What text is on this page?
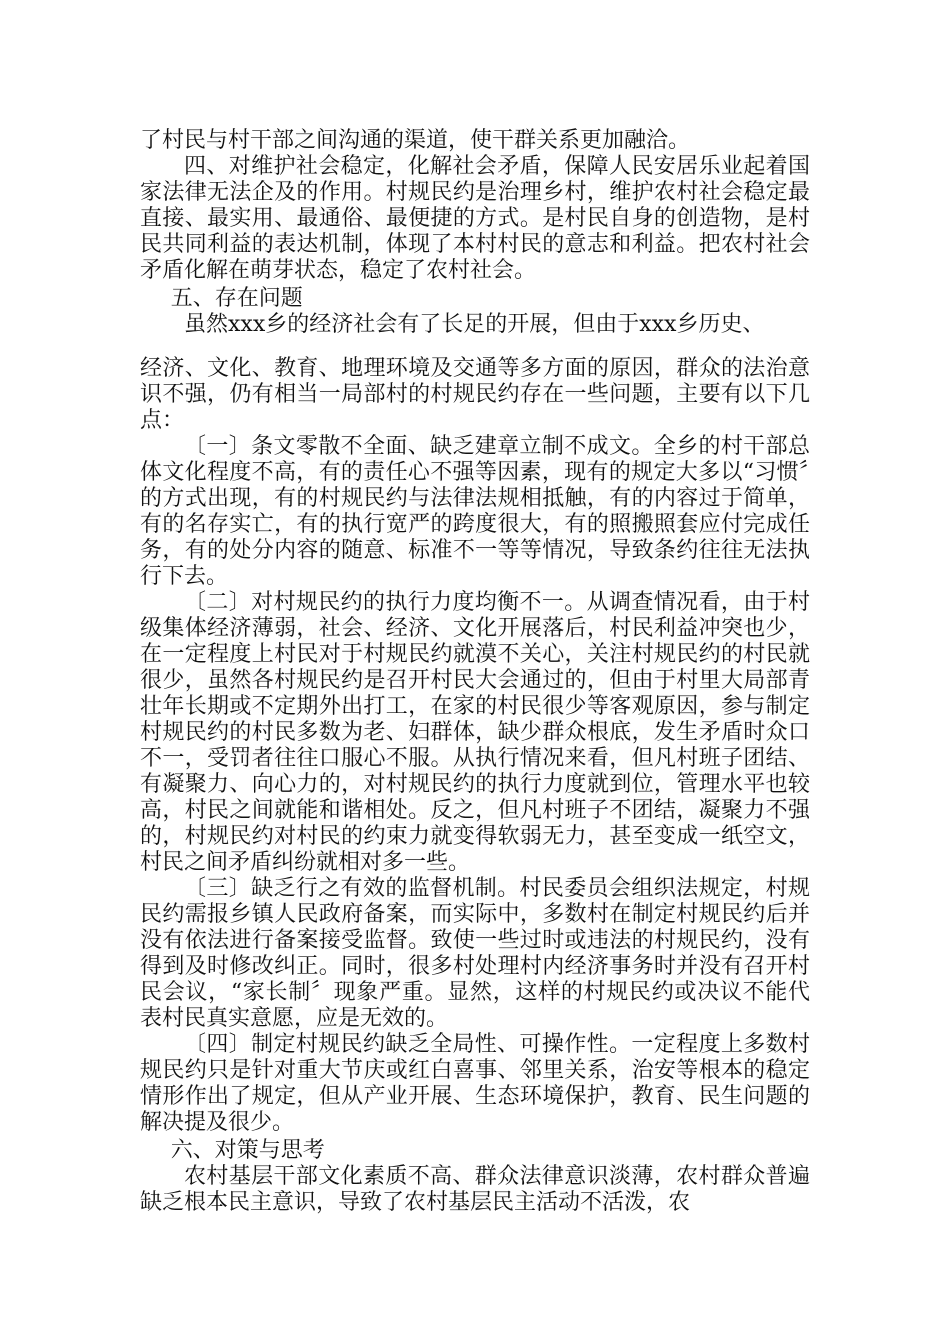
了村民与村干部之间沟通的渠道，使干群关系更加融洽。

四、对维护社会稳定，化解社会矛盾，保障人民安居乐业起着国家法律无法企及的作用。村规民约是治理乡村，维护农村社会稳定最直接、最实用、最通俗、最便捷的方式。是村民自身的创造物，是村民共同利益的表达机制，体现了本村村民的意志和利益。把农村社会矛盾化解在萌芽状态，稳定了农村社会。

五、存在问题

虽然xxx乡的经济社会有了长足的开展，但由于xxx乡历史、

经济、文化、教育、地理环境及交通等多方面的原因，群众的法治意识不强，仍有相当一局部村的村规民约存在一些问题，主要有以下几点：

〔一〕条文零散不全面、缺乏建章立制不成文。全乡的村干部总体文化程度不高，有的责任心不强等因素，现有的规定大多以“习惯〞的方式出现，有的村规民约与法律法规相抵触，有的内容过于简单，有的名存实亡，有的执行宽严的跨度很大，有的照搬照套应付完成任务，有的处分内容的随意、标准不一等等情况，导致条约往往无法执行下去。

〔二〕对村规民约的执行力度均衡不一。从调查情况看，由于村级集体经济薄弱，社会、经济、文化开展落后，村民利益冲突也少，在一定程度上村民对于村规民约就漠不关心，关注村规民约的村民就很少，虽然各村规民约是召开村民大会通过的，但由于村里大局部青壮年长期或不定期外出打工，在家的村民很少等客观原因，参与制定村规民约的村民多数为老、妇群体，缺少群众根底，发生矛盾时众口不一，受罚者往往口服心不服。从执行情况来看，但凡村班子团结、有凝聚力、向心力的，对村规民约的执行力度就到位，管理水平也较高，村民之间就能和谐相处。反之，但凡村班子不团结，凝聚力不强的，村规民约对村民的约束力就变得软弱无力，甚至变成一纸空文，村民之间矛盾纠纷就相对多一些。

〔三〕缺乏行之有效的监督机制。村民委员会组织法规定，村规民约需报乡镇人民政府备案，而实际中，多数村在制定村规民约后并没有依法进行备案接受监督。致使一些过时或违法的村规民约，没有得到及时修改纠正。同时，很多村处理村内经济事务时并没有召开村民会议，“家长制〞现象严重。显然，这样的村规民约或决议不能代表村民真实意愿，应是无效的。

〔四〕制定村规民约缺乏全局性、可操作性。一定程度上多数村规民约只是针对重大节庆或红白喜事、邻里关系，治安等根本的稳定情形作出了规定，但从产业开展、生态环境保护，教育、民生问题的解决提及很少。

六、对策与思考

农村基层干部文化素质不高、群众法律意识淡薄，农村群众普遍缺乏根本民主意识，导致了农村基层民主活动不活泼，农
